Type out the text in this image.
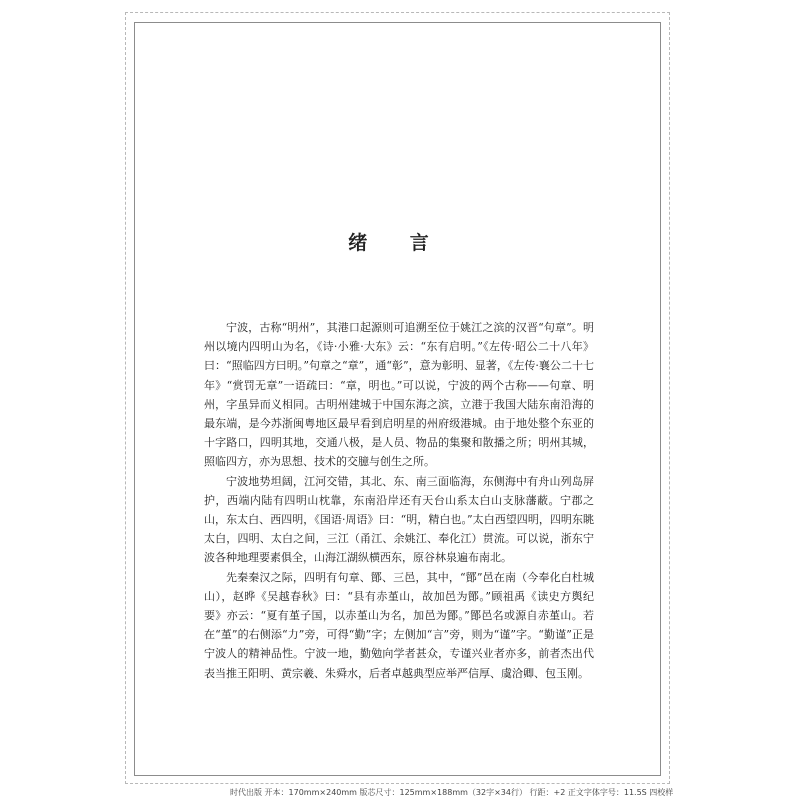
绪 言

宁波，古称“明州”，其港口起源则可追溯至位于姚江之滨的汉晋“句章”。明州以境内四明山为名，《诗·小雅·大东》云：“东有启明。”《左传·昭公二十八年》曰：“照临四方曰明。”句章之“章”，通“彰”，意为彰明、显著，《左传·襄公二十七年》“赏罚无章”一语疏曰：“章，明也。”可以说，宁波的两个古称——句章、明州，字虽异而义相同。古明州建城于中国东海之滨，立港于我国大陆东南沿海的最东端，是今苏浙闽粤地区最早看到启明星的州府级港城。由于地处整个东亚的十字路口，四明其地，交通八极，是人员、物品的集聚和散播之所；明州其城，照临四方，亦为思想、技术的交臆与创生之所。

宁波地势坦阔，江河交错，其北、东、南三面临海，东侧海中有舟山列岛屏护，西端内陆有四明山枕靠，东南沿岸还有天台山系太白山支脉藩蔽。宁郡之山，东太白、西四明，《国语·周语》曰：“明，精白也。”太白西望四明，四明东眺太白，四明、太白之间，三江（甬江、余姚江、奉化江）贯流。可以说，浙东宁波各种地理要素俱全，山海江湖纵横西东，原谷林泉遍布南北。

先秦秦汉之际，四明有句章、鄮、三邑，其中，“鄮”邑在南（今奉化白杜城山），赵晔《吴越春秋》曰：“县有赤堇山，故加邑为鄮。”顾祖禹《读史方舆纪要》亦云：“夏有堇子国，以赤堇山为名，加邑为鄮。”鄮邑名或源自赤堇山。若在“堇”的右侧添“力”旁，可得“勤”字；左侧加“言”旁，则为“谨”字。“勤谨”正是宁波人的精神品性。宁波一地，勤勉向学者甚众，专谨兴业者亦多，前者杰出代表当推王阳明、黄宗羲、朱舜水，后者卓越典型应举严信厚、虞洽卿、包玉刚。

时代出版 开本：170mm×240mm 版芯尺寸：125mm×188mm（32字×34行） 行距：+2 正文字体字号：11.5S 四校样
